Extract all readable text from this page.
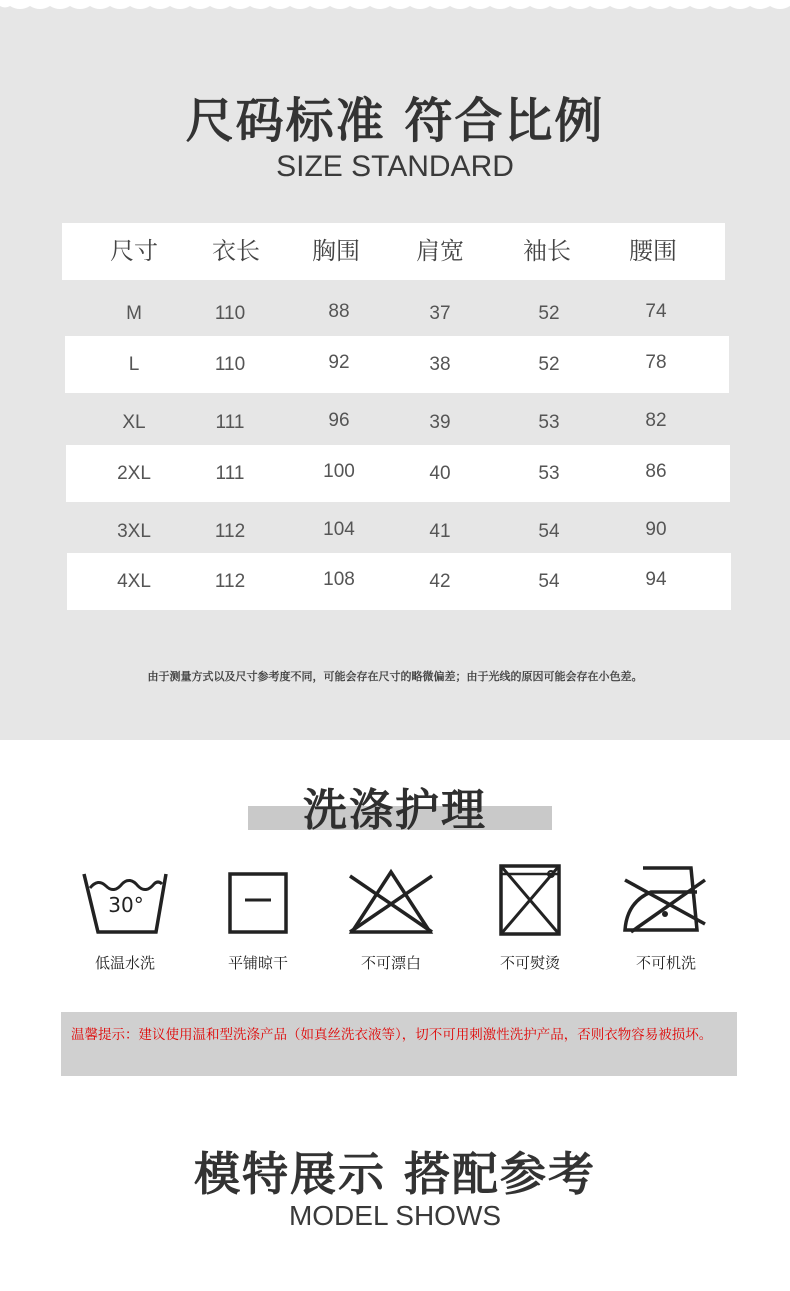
尺码标准 符合比例
SIZE STANDARD
尺寸	衣长	胸围	肩宽	袖长	腰围
M	110	88	37	52	74
L	110	92	38	52	78
XL	111	96	39	53	82
2XL	111	100	40	53	86
3XL	112	104	41	54	90
4XL	112	108	42	54	94
由于测量方式以及尺寸参考度不同，可能会存在尺寸的略微偏差；由于光线的原因可能会存在小色差。
洗涤护理
30°
低温水洗	平铺晾干	不可漂白	不可熨烫	不可机洗
温馨提示：建议使用温和型洗涤产品（如真丝洗衣液等），切不可用刺激性洗护产品，否则衣物容易被损坏。
模特展示 搭配参考
MODEL SHOWS
